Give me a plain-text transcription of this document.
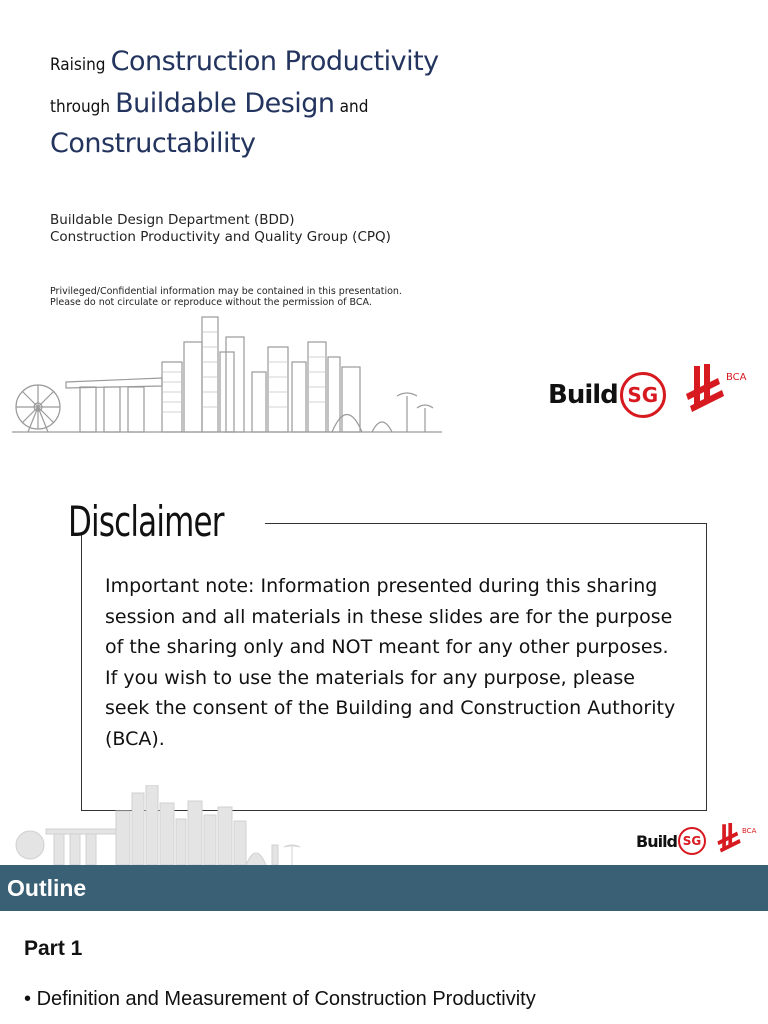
Raising Construction Productivity
through Buildable Design and
Constructability
Buildable Design Department (BDD)
Construction Productivity and Quality Group (CPQ)
Privileged/Confidential information may be contained in this presentation.
Please do not circulate or reproduce without the permission of BCA.
Build SG
BCA
Disclaimer
Important note: Information presented during this sharing session and all materials in these slides are for the purpose of the sharing only and NOT meant for any other purposes. If you wish to use the materials for any purpose, please seek the consent of the Building and Construction Authority (BCA).
Build SG
BCA
Outline
Part 1
• Definition and Measurement of Construction Productivity
